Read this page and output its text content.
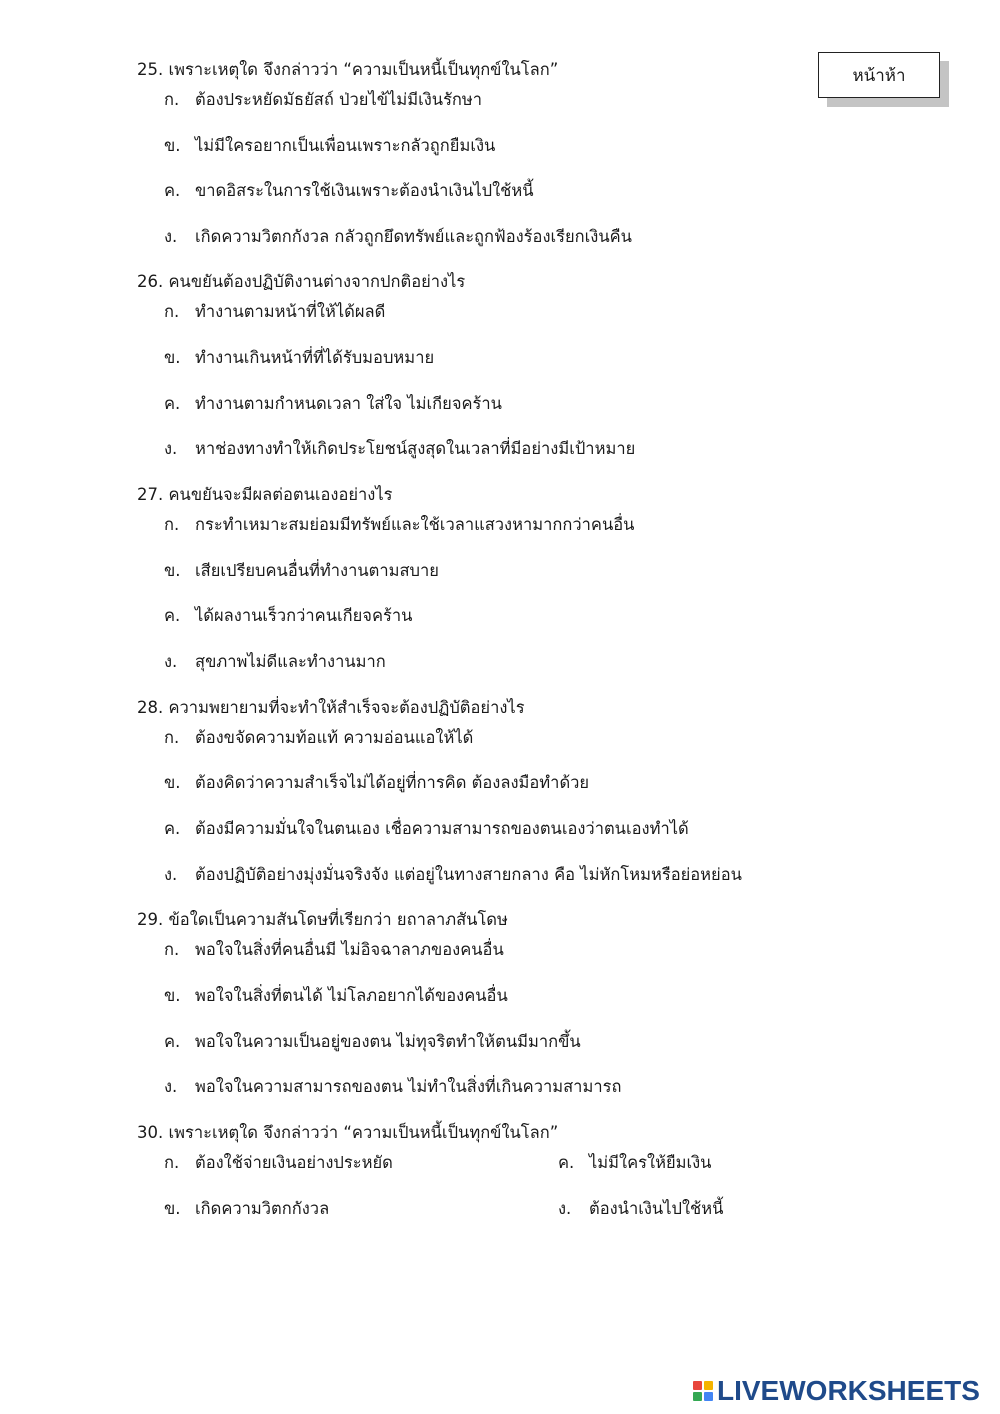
หน้าห้า
25. เพราะเหตุใด จึงกล่าวว่า “ความเป็นหนี้เป็นทุกข์ในโลก”
ก. ต้องประหยัดมัธยัสถ์ ป่วยไข้ไม่มีเงินรักษา
ข. ไม่มีใครอยากเป็นเพื่อนเพราะกลัวถูกยืมเงิน
ค. ขาดอิสระในการใช้เงินเพราะต้องนำเงินไปใช้หนี้
ง. เกิดความวิตกกังวล กลัวถูกยึดทรัพย์และถูกฟ้องร้องเรียกเงินคืน
26. คนขยันต้องปฏิบัติงานต่างจากปกติอย่างไร
ก. ทำงานตามหน้าที่ให้ได้ผลดี
ข. ทำงานเกินหน้าที่ที่ได้รับมอบหมาย
ค. ทำงานตามกำหนดเวลา ใส่ใจ ไม่เกียจคร้าน
ง. หาช่องทางทำให้เกิดประโยชน์สูงสุดในเวลาที่มีอย่างมีเป้าหมาย
27. คนขยันจะมีผลต่อตนเองอย่างไร
ก. กระทำเหมาะสมย่อมมีทรัพย์และใช้เวลาแสวงหามากกว่าคนอื่น
ข. เสียเปรียบคนอื่นที่ทำงานตามสบาย
ค. ได้ผลงานเร็วกว่าคนเกียจคร้าน
ง. สุขภาพไม่ดีและทำงานมาก
28. ความพยายามที่จะทำให้สำเร็จจะต้องปฏิบัติอย่างไร
ก. ต้องขจัดความท้อแท้ ความอ่อนแอให้ได้
ข. ต้องคิดว่าความสำเร็จไม่ได้อยู่ที่การคิด ต้องลงมือทำด้วย
ค. ต้องมีความมั่นใจในตนเอง เชื่อความสามารถของตนเองว่าตนเองทำได้
ง. ต้องปฏิบัติอย่างมุ่งมั่นจริงจัง แต่อยู่ในทางสายกลาง คือ ไม่หักโหมหรือย่อหย่อน
29. ข้อใดเป็นความสันโดษที่เรียกว่า ยถาลาภสันโดษ
ก. พอใจในสิ่งที่คนอื่นมี ไม่อิจฉาลาภของคนอื่น
ข. พอใจในสิ่งที่ตนได้ ไม่โลภอยากได้ของคนอื่น
ค. พอใจในความเป็นอยู่ของตน ไม่ทุจริตทำให้ตนมีมากขึ้น
ง. พอใจในความสามารถของตน ไม่ทำในสิ่งที่เกินความสามารถ
30. เพราะเหตุใด จึงกล่าวว่า “ความเป็นหนี้เป็นทุกข์ในโลก”
ก. ต้องใช้จ่ายเงินอย่างประหยัด
ข. เกิดความวิตกกังวล
ค. ไม่มีใครให้ยืมเงิน
ง. ต้องนำเงินไปใช้หนี้
LIVEWORKSHEETS
